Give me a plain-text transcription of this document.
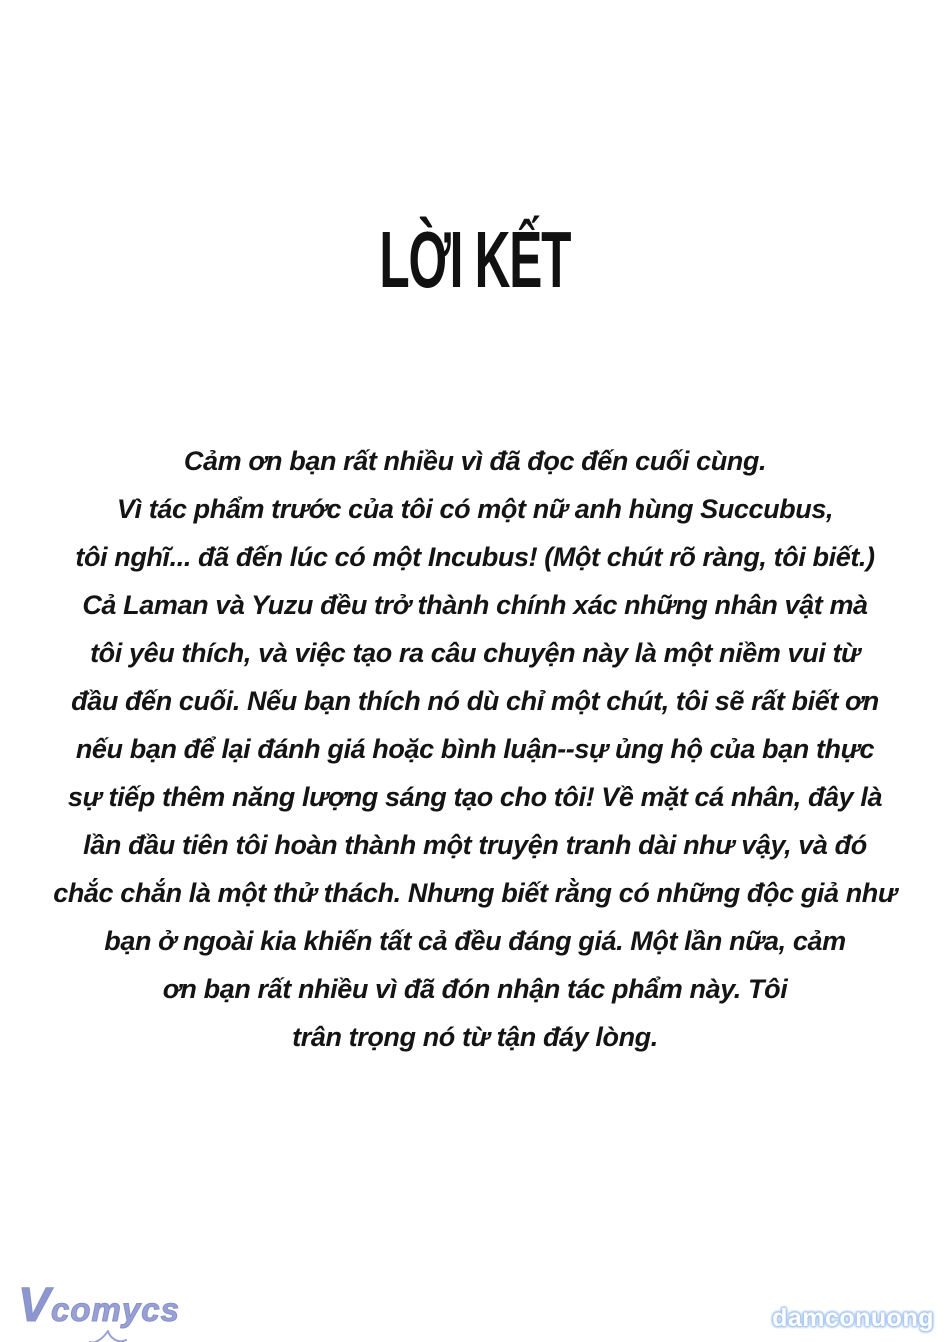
LỜI KẾT
Cảm ơn bạn rất nhiều vì đã đọc đến cuối cùng.
Vì tác phẩm trước của tôi có một nữ anh hùng Succubus,
tôi nghĩ... đã đến lúc có một Incubus! (Một chút rõ ràng, tôi biết.)
Cả Laman và Yuzu đều trở thành chính xác những nhân vật mà
tôi yêu thích, và việc tạo ra câu chuyện này là một niềm vui từ
đầu đến cuối. Nếu bạn thích nó dù chỉ một chút, tôi sẽ rất biết ơn
nếu bạn để lại đánh giá hoặc bình luận--sự ủng hộ của bạn thực
sự tiếp thêm năng lượng sáng tạo cho tôi! Về mặt cá nhân, đây là
lần đầu tiên tôi hoàn thành một truyện tranh dài như vậy, và đó
chắc chắn là một thử thách. Nhưng biết rằng có những độc giả như
bạn ở ngoài kia khiến tất cả đều đáng giá. Một lần nữa, cảm
ơn bạn rất nhiều vì đã đón nhận tác phẩm này. Tôi
trân trọng nó từ tận đáy lòng.
Vcomycs	damconuong
